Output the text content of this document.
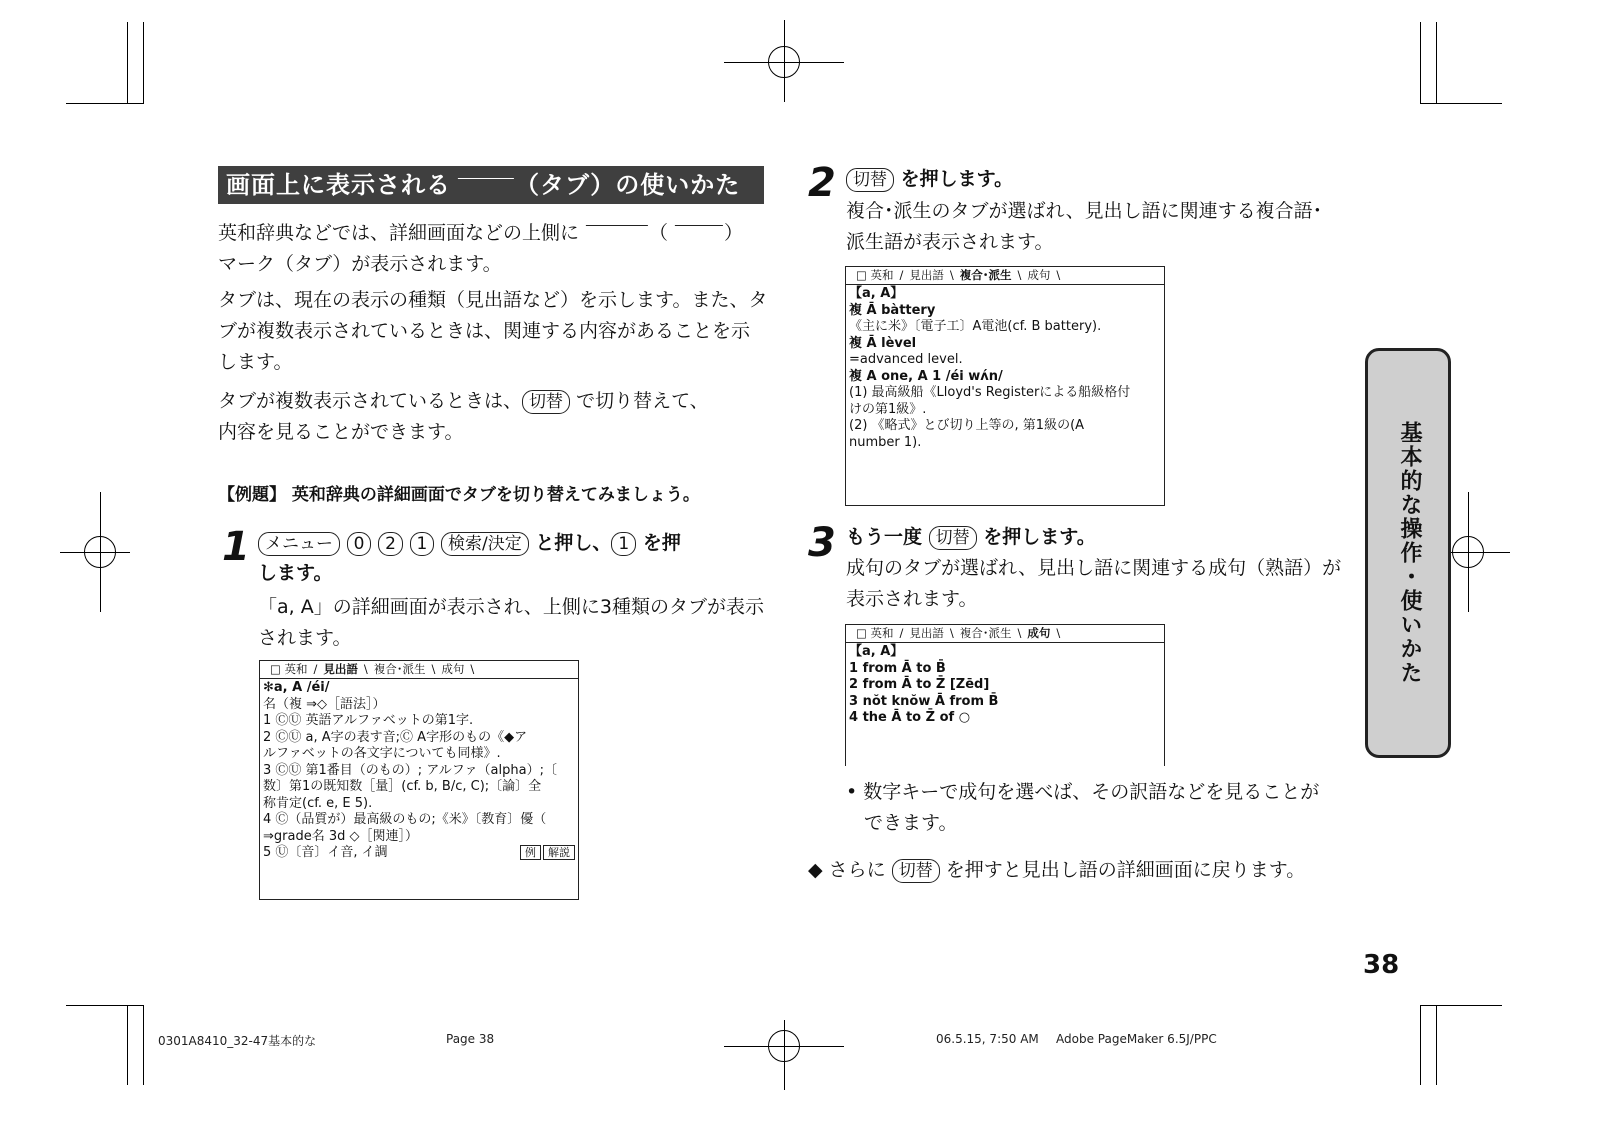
画面上に表示される	（タブ）の使いかた
英和辞典などでは、詳細画面などの上側に	（	）
マーク（タブ）が表示されます。
タブは、現在の表示の種類（見出語など）を示します。また、タブが複数表示されているときは、関連する内容があることを示します。
タブが複数表示されているときは、 切替 で切り替えて、
内容を見ることができます。
【例題】 英和辞典の詳細画面でタブを切り替えてみましょう。
1 メニュー 0 2 1 検索/決定 と押し、 1 を押
します。
「a, A」の詳細画面が表示され、上側に3種類のタブが表示されます。
□ 英和 / 見出語 \ 複合･派生 \ 成句 \
✻a, A /éi/
名（複 ⇒◇［語法］）
1 ⒸⓊ 英語アルファベットの第1字.
2 ⒸⓊ a, A字の表す音;Ⓒ A字形のもの《◆ア
ルファベットの各文字についても同様》.
3 ⒸⓊ 第1番目（のもの）; アルファ（alpha）;〔
数〕第1の既知数［量］(cf. b, B/c, C);〔論〕全
称肯定(cf. e, E 5).
4 Ⓒ（品質が）最高級のもの;《米》〔教育〕優（
⇒grade名 3d ◇［関連］）
5 Ⓤ〔音〕イ音, イ調	例 解説
2	切替 を押します。
複合･派生のタブが選ばれ、見出し語に関連する複合語･
派生語が表示されます。
□ 英和 / 見出語 \ 複合･派生 \ 成句 \
【a, A】
複 Ā bàttery
《主に米》〔電子工〕A電池(cf. B battery).
複 Ā lèvel
=advanced level.
複 A one, A 1 /éi wʌ́n/
(1) 最高級船《Lloyd's Registerによる船級格付
けの第1級》.
(2) 《略式》とび切り上等の, 第1級の(A
number 1).
3 もう一度 切替 を押します。
成句のタブが選ばれ、見出し語に関連する成句（熟語）が
表示されます。
□ 英和 / 見出語 \ 複合･派生 \ 成句 \
【a, A】
1 from Ā to B̄
2 from Ā to Z̄ [Zēd]
3 nŏt knŏw Ā from B̄
4 the Ā to Z̄ of ○
• 数字キーで成句を選べば、その訳語などを見ることが
できます。
◆ さらに 切替 を押すと見出し語の詳細画面に戻ります。
基本的な操作・使いかた
38
0301A8410_32-47基本的な	Page 38	06.5.15, 7:50 AM Adobe PageMaker 6.5J/PPC
